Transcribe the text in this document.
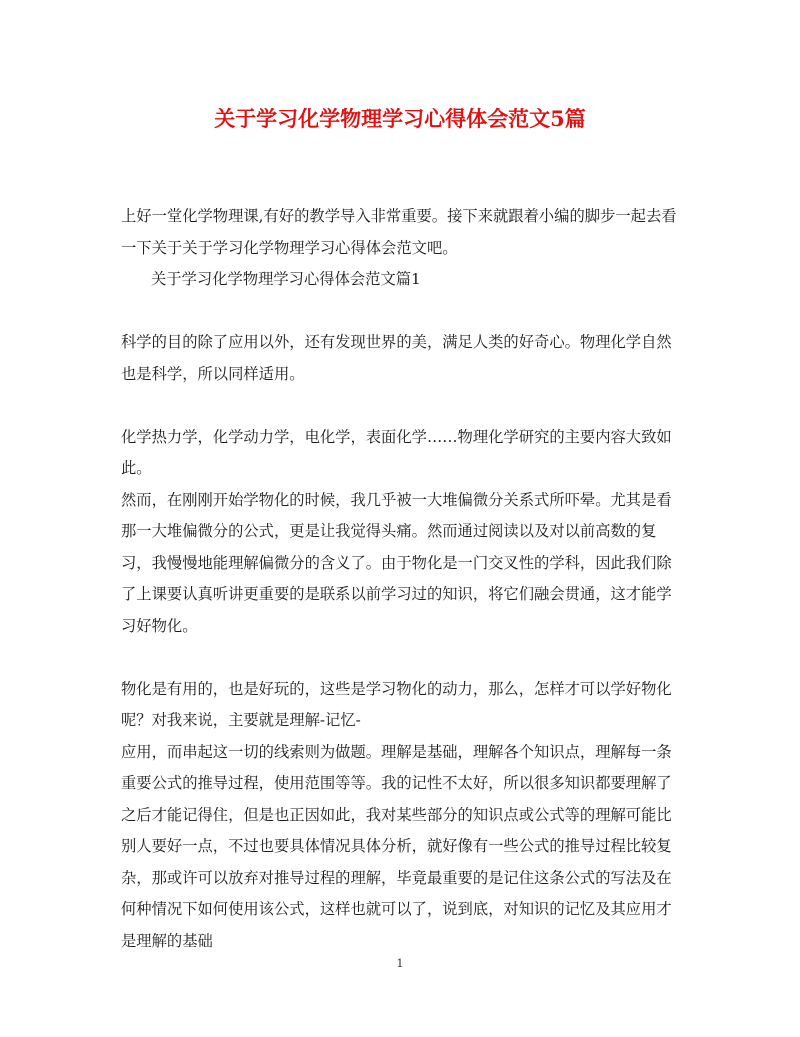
关于学习化学物理学习心得体会范文5篇

上好一堂化学物理课,有好的教学导入非常重要。接下来就跟着小编的脚步一起去看一下关于关于学习化学物理学习心得体会范文吧。

关于学习化学物理学习心得体会范文篇1

科学的目的除了应用以外，还有发现世界的美，满足人类的好奇心。物理化学自然也是科学，所以同样适用。

化学热力学，化学动力学，电化学，表面化学……物理化学研究的主要内容大致如此。

然而，在刚刚开始学物化的时候，我几乎被一大堆偏微分关系式所吓晕。尤其是看那一大堆偏微分的公式，更是让我觉得头痛。然而通过阅读以及对以前高数的复习，我慢慢地能理解偏微分的含义了。由于物化是一门交叉性的学科，因此我们除了上课要认真听讲更重要的是联系以前学习过的知识，将它们融会贯通，这才能学习好物化。

物化是有用的，也是好玩的，这些是学习物化的动力，那么，怎样才可以学好物化呢？对我来说，主要就是理解-记忆-

应用，而串起这一切的线索则为做题。理解是基础，理解各个知识点，理解每一条重要公式的推导过程，使用范围等等。我的记性不太好，所以很多知识都要理解了之后才能记得住，但是也正因如此，我对某些部分的知识点或公式等的理解可能比别人要好一点，不过也要具体情况具体分析，就好像有一些公式的推导过程比较复杂，那或许可以放弃对推导过程的理解，毕竟最重要的是记住这条公式的写法及在何种情况下如何使用该公式，这样也就可以了，说到底，对知识的记忆及其应用才是理解的基础

1
